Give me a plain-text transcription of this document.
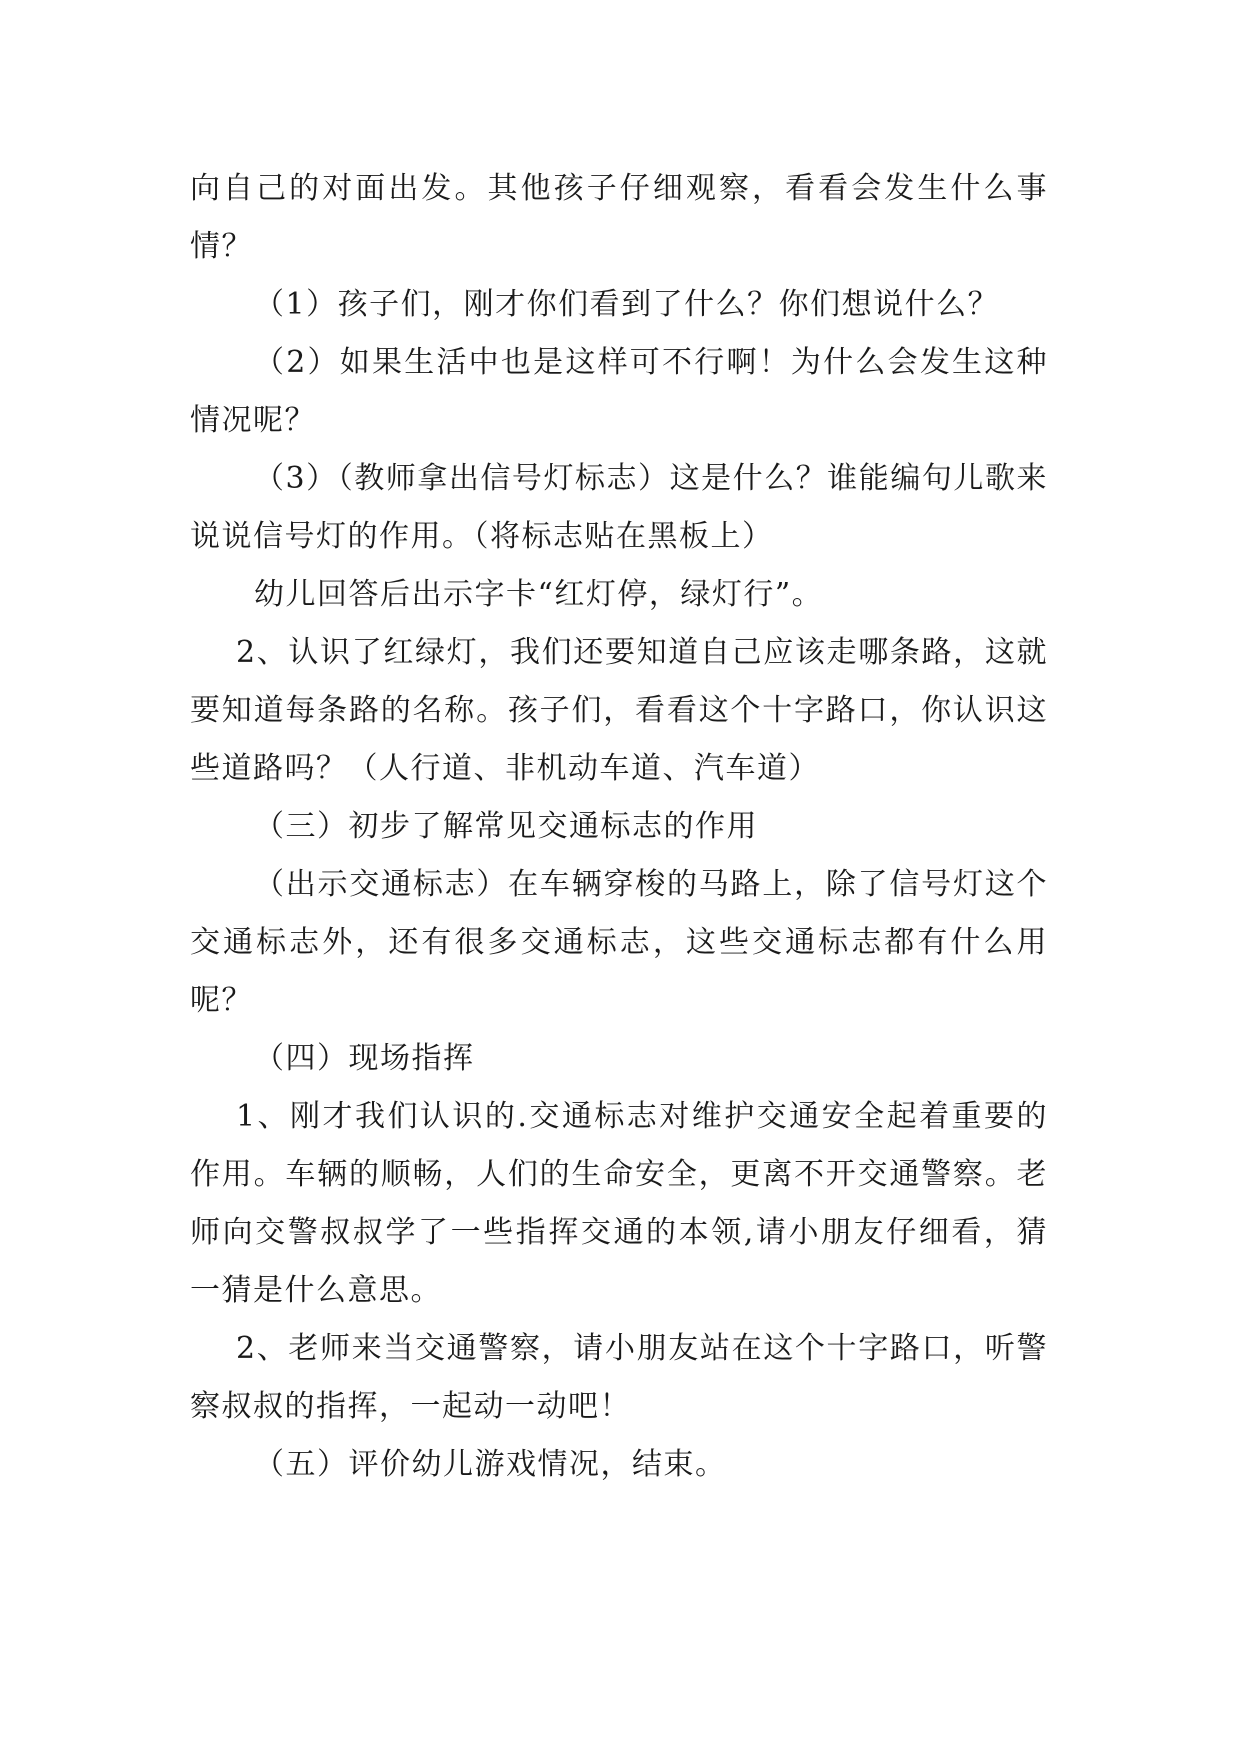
向自己的对面出发。其他孩子仔细观察，看看会发生什么事情？

（1）孩子们，刚才你们看到了什么？你们想说什么？

（2）如果生活中也是这样可不行啊！为什么会发生这种情况呢？

（3）（教师拿出信号灯标志）这是什么？谁能编句儿歌来说说信号灯的作用。（将标志贴在黑板上）

幼儿回答后出示字卡“红灯停，绿灯行”。

2、认识了红绿灯，我们还要知道自己应该走哪条路，这就要知道每条路的名称。孩子们，看看这个十字路口，你认识这些道路吗？（人行道、非机动车道、汽车道）

（三）初步了解常见交通标志的作用

（出示交通标志）在车辆穿梭的马路上，除了信号灯这个交通标志外，还有很多交通标志，这些交通标志都有什么用呢？

（四）现场指挥

1、刚才我们认识的.交通标志对维护交通安全起着重要的作用。车辆的顺畅，人们的生命安全，更离不开交通警察。老师向交警叔叔学了一些指挥交通的本领,请小朋友仔细看，猜一猜是什么意思。

2、老师来当交通警察，请小朋友站在这个十字路口，听警察叔叔的指挥，一起动一动吧！

（五）评价幼儿游戏情况，结束。
